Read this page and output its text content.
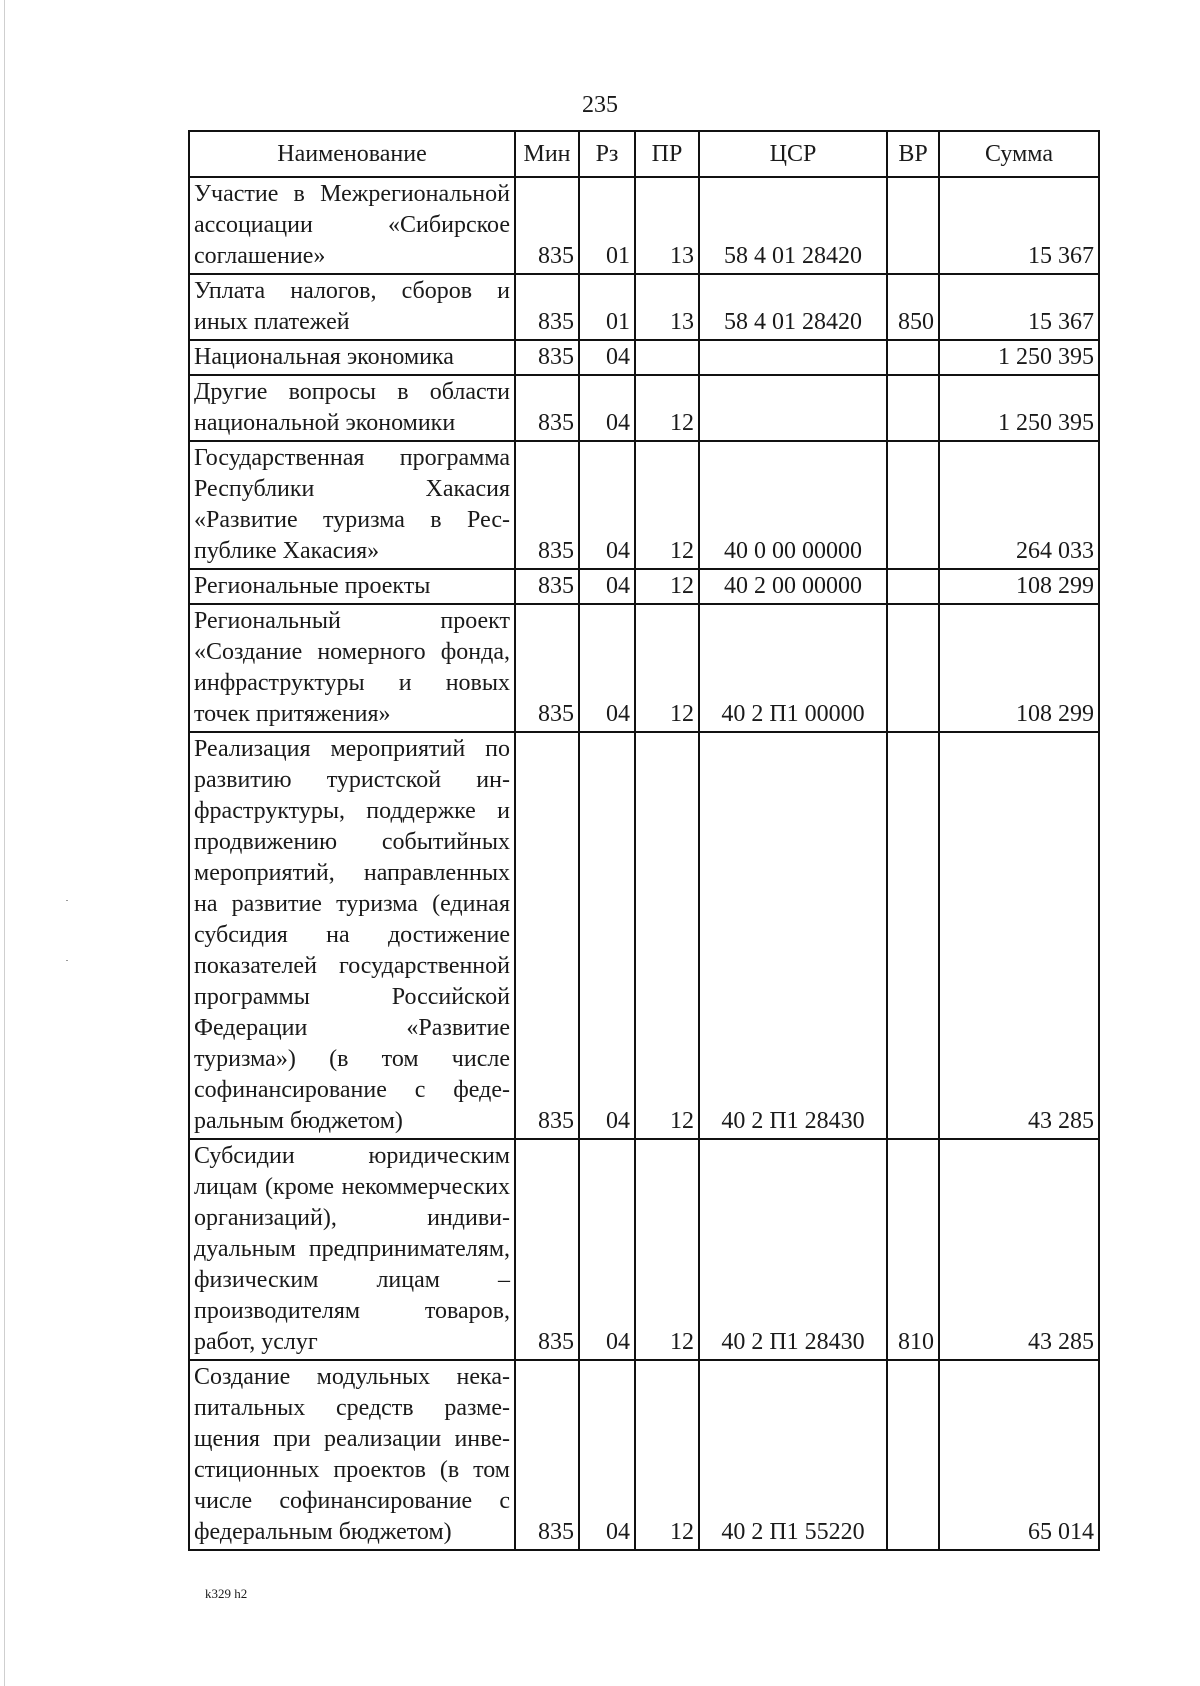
235
Наименование	Мин	Рз	ПР	ЦСР	ВР	Сумма
Участие в Межрегиональной ассоциации «Сибирское соглашение»	835	01	13	58 4 01 28420		15 367
Уплата налогов, сборов и иных платежей	835	01	13	58 4 01 28420	850	15 367
Национальная экономика	835	04				1 250 395
Другие вопросы в области национальной экономики	835	04	12			1 250 395
Государственная программа Республики Хакасия «Развитие туризма в Республике Хакасия»	835	04	12	40 0 00 00000		264 033
Региональные проекты	835	04	12	40 2 00 00000		108 299
Региональный проект «Создание номерного фонда, инфраструктуры и новых точек притяжения»	835	04	12	40 2 П1 00000		108 299
Реализация мероприятий по развитию туристской инфраструктуры, поддержке и продвижению событийных мероприятий, направленных на развитие туризма (единая субсидия на достижение показателей государственной программы Российской Федерации «Развитие туризма») (в том числе софинансирование с федеральным бюджетом)	835	04	12	40 2 П1 28430		43 285
Субсидии юридическим лицам (кроме некоммерческих организаций), индивидуальным предпринимателям, физическим лицам – производителям товаров, работ, услуг	835	04	12	40 2 П1 28430	810	43 285
Создание модульных некапитальных средств размещения при реализации инвестиционных проектов (в том числе софинансирование с федеральным бюджетом)	835	04	12	40 2 П1 55220		65 014
k329 h2
